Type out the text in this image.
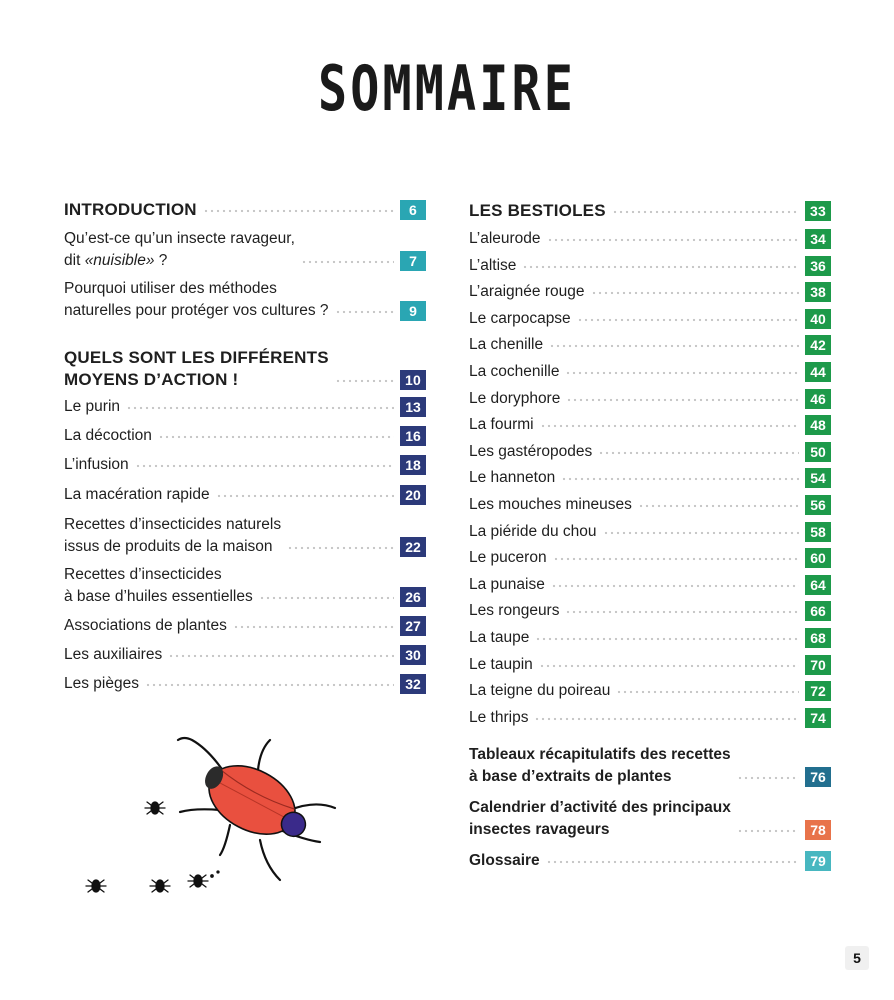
SOMMAIRE
INTRODUCTION	6
Qu’est-ce qu’un insecte ravageur,
dit «nuisible» ?	7
Pourquoi utiliser des méthodes
naturelles pour protéger vos cultures ?	9
QUELS SONT LES DIFFÉRENTS
MOYENS D’ACTION !	10
Le purin	13
La décoction	16
L’infusion	18
La macération rapide	20
Recettes d’insecticides naturels
issus de produits de la maison	22
Recettes d’insecticides
à base d’huiles essentielles	26
Associations de plantes	27
Les auxiliaires	30
Les pièges	32
LES BESTIOLES	33
L’aleurode	34
L’altise	36
L’araignée rouge	38
Le carpocapse	40
La chenille	42
La cochenille	44
Le doryphore	46
La fourmi	48
Les gastéropodes	50
Le hanneton	54
Les mouches mineuses	56
La piéride du chou	58
Le puceron	60
La punaise	64
Les rongeurs	66
La taupe	68
Le taupin	70
La teigne du poireau	72
Le thrips	74
Tableaux récapitulatifs des recettes
à base d’extraits de plantes	76
Calendrier d’activité des principaux
insectes ravageurs	78
Glossaire	79
5
